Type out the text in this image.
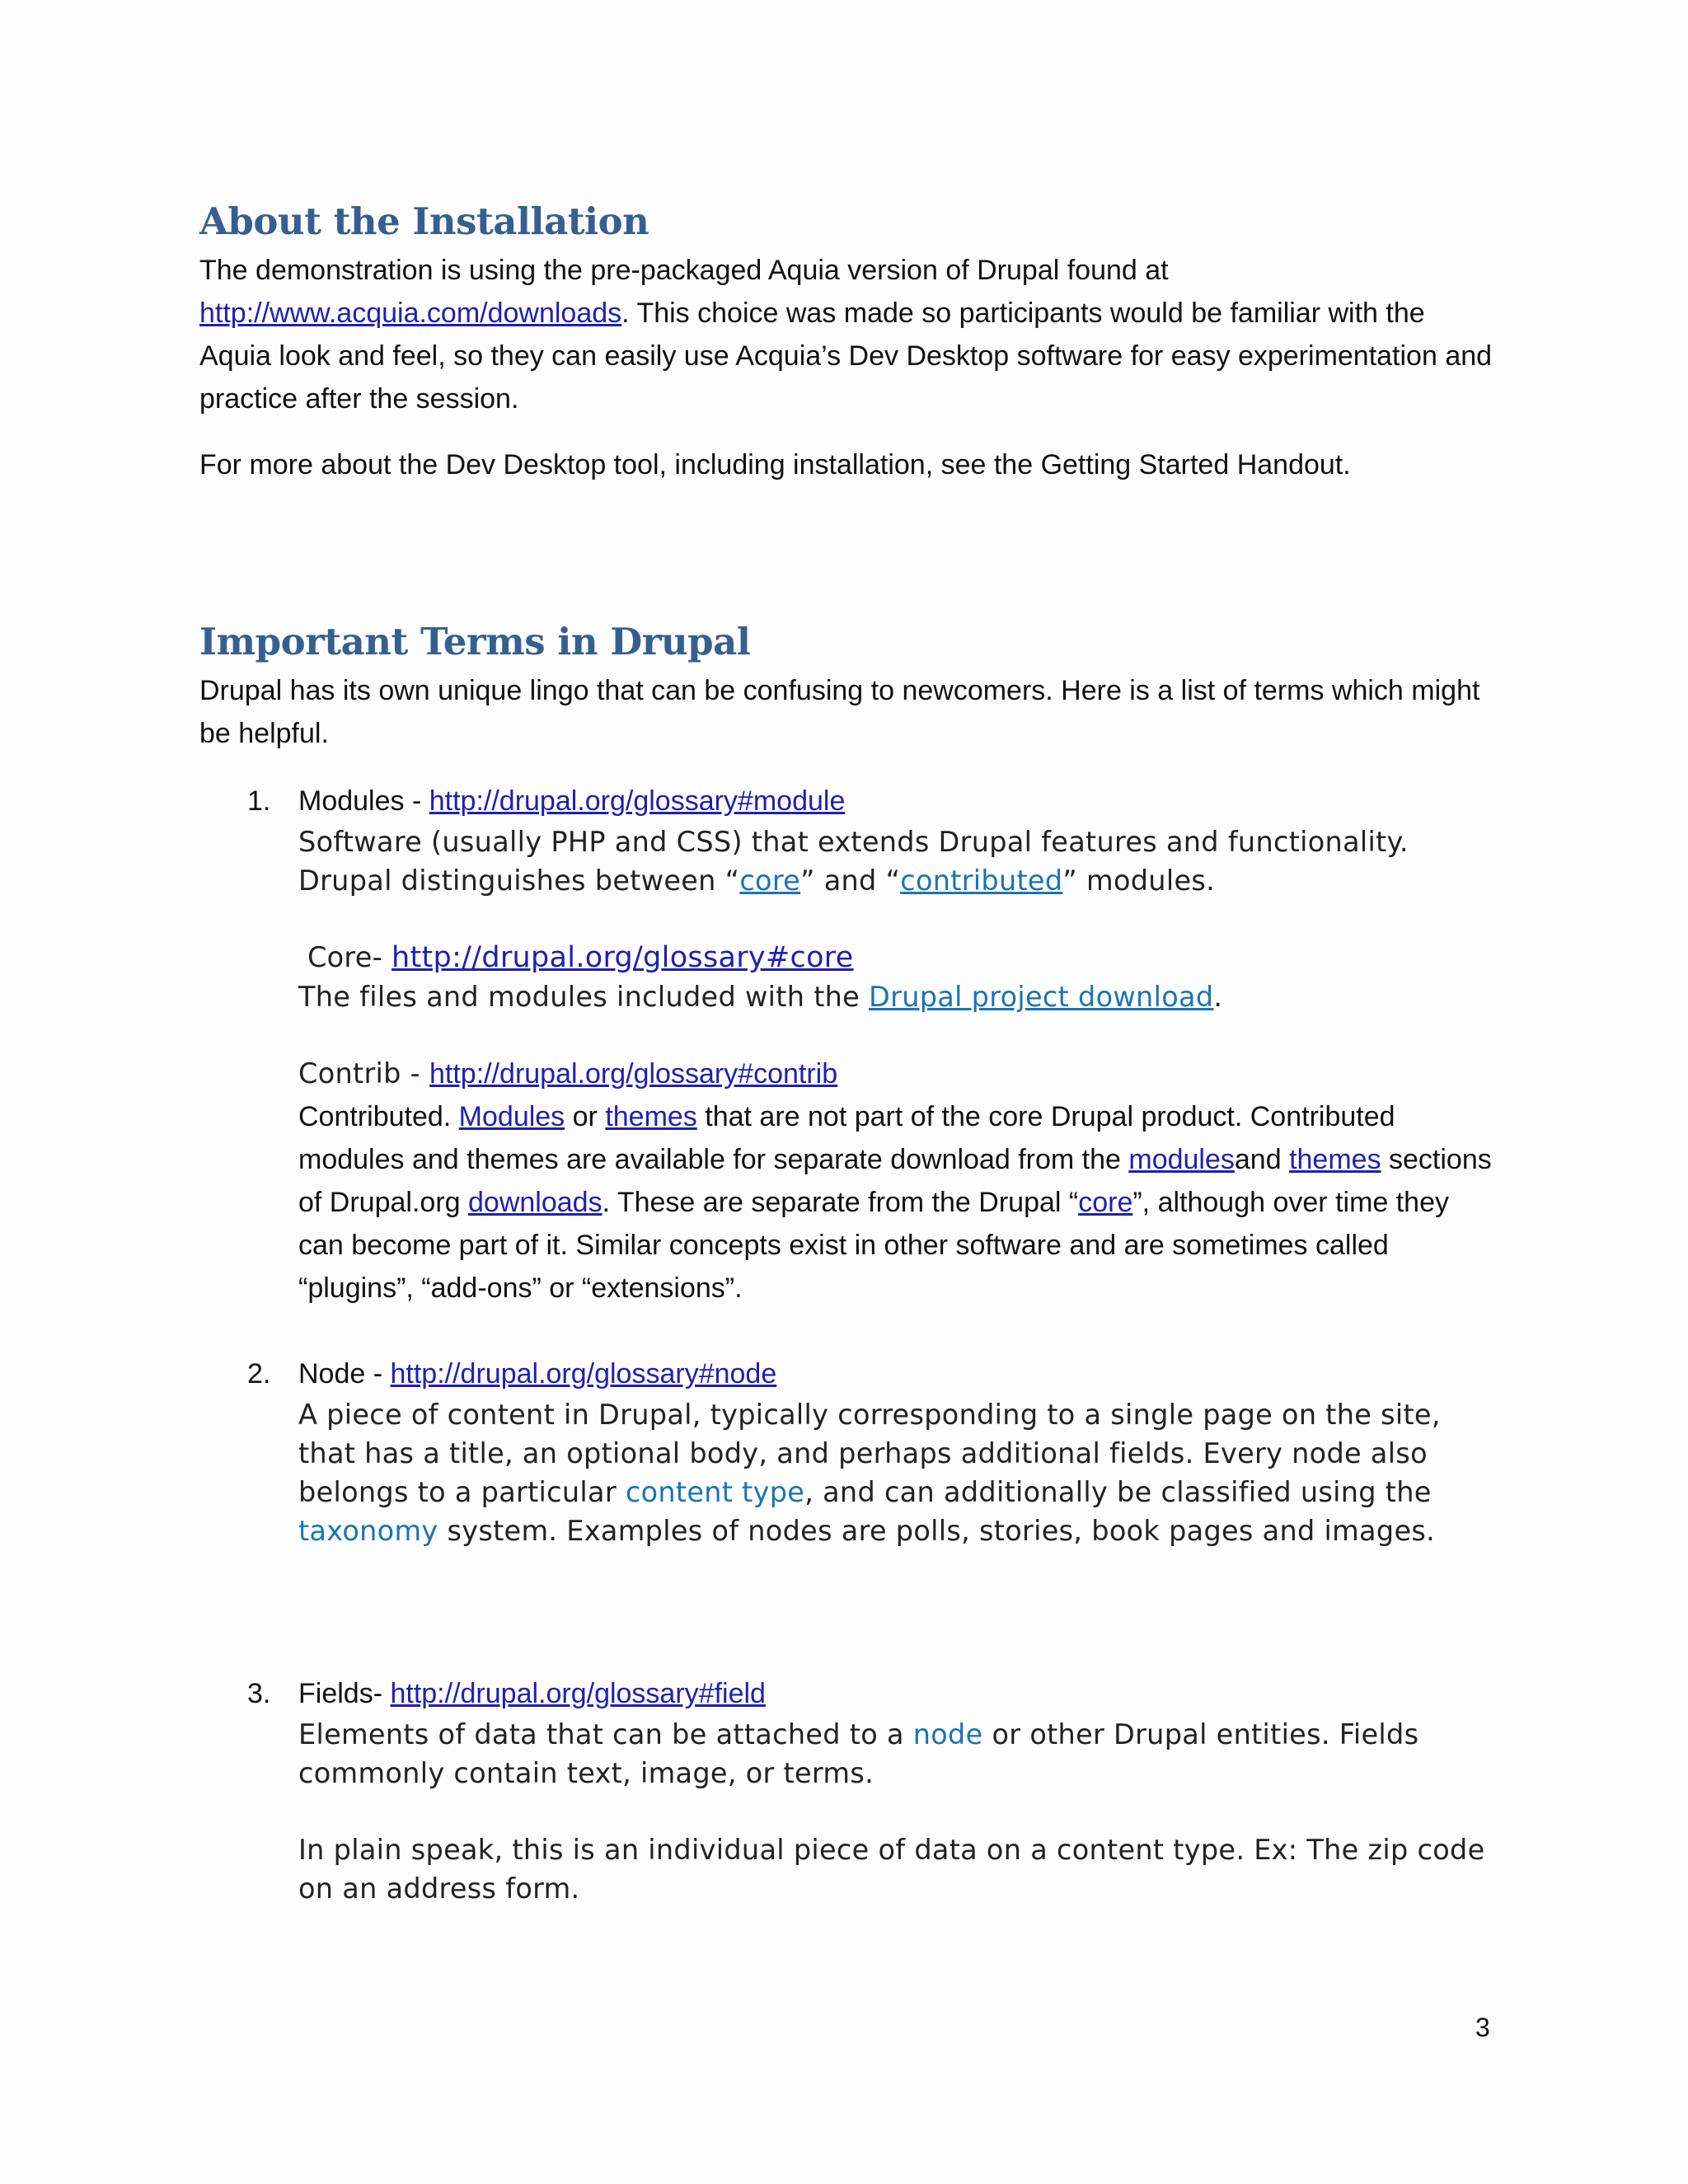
About the Installation

The demonstration is using the pre-packaged Aquia version of Drupal found at
http://www.acquia.com/downloads. This choice was made so participants would be familiar with the Aquia look and feel, so they can easily use Acquia’s Dev Desktop software for easy experimentation and practice after the session.

For more about the Dev Desktop tool, including installation, see the Getting Started Handout.

Important Terms in Drupal

Drupal has its own unique lingo that can be confusing to newcomers. Here is a list of terms which might be helpful.

1. Modules - http://drupal.org/glossary#module

Software (usually PHP and CSS) that extends Drupal features and functionality.
Drupal distinguishes between “core” and “contributed” modules.
Core- http://drupal.org/glossary#core
The files and modules included with the Drupal project download.

Contrib - http://drupal.org/glossary#contrib

Contributed. Modules or themes that are not part of the core Drupal product. Contributed modules and themes are available for separate download from the modulesand themes sections of Drupal.org downloads. These are separate from the Drupal “core”, although over time they can become part of it. Similar concepts exist in other software and are sometimes called “plugins”, “add-ons” or “extensions”.

2. Node - http://drupal.org/glossary#node

A piece of content in Drupal, typically corresponding to a single page on the site, that has a title, an optional body, and perhaps additional fields. Every node also belongs to a particular content type, and can additionally be classified using the taxonomy system. Examples of nodes are polls, stories, book pages and images.
3. Fields- http://drupal.org/glossary#field

Elements of data that can be attached to a node or other Drupal entities. Fields commonly contain text, image, or terms.
In plain speak, this is an individual piece of data on a content type. Ex: The zip code on an address form.
3
